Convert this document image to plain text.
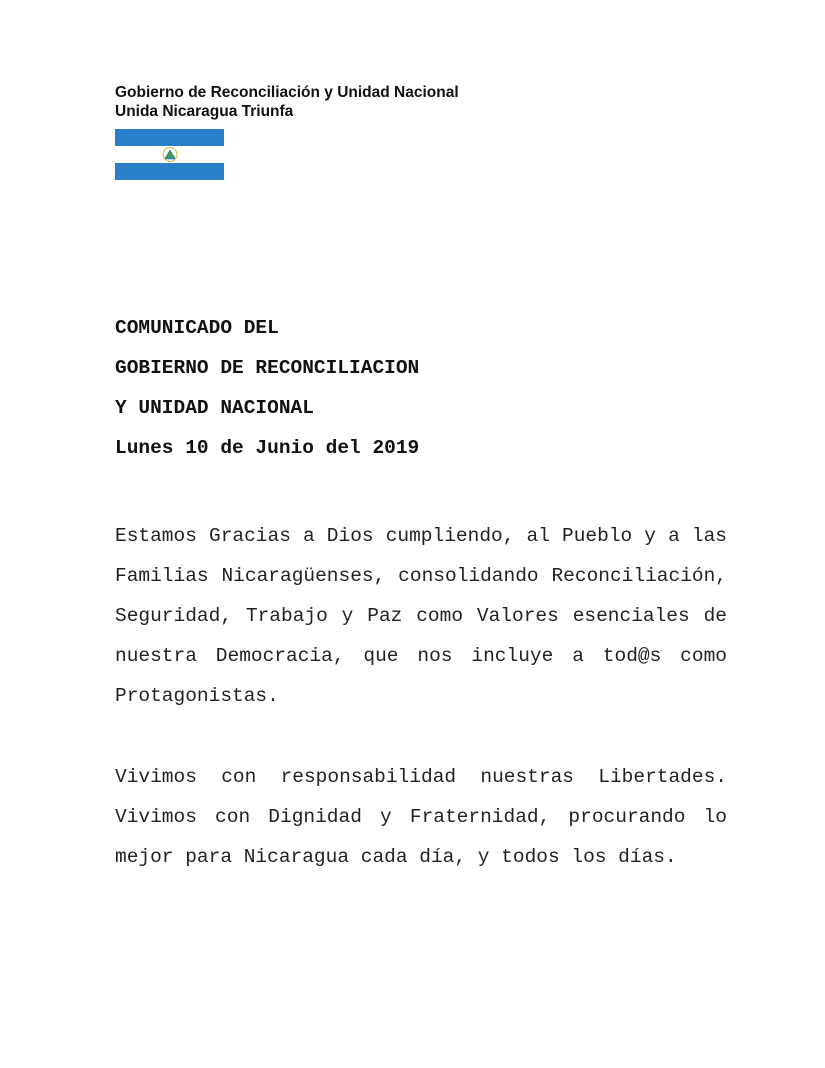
Gobierno de Reconciliación y Unidad Nacional
Unida Nicaragua Triunfa
COMUNICADO DEL
GOBIERNO DE RECONCILIACION
Y UNIDAD NACIONAL
Lunes 10 de Junio del 2019
Estamos Gracias a Dios cumpliendo, al Pueblo y a las Familias Nicaragüenses, consolidando Reconciliación, Seguridad, Trabajo y Paz como Valores esenciales de nuestra Democracia, que nos incluye a tod@s como Protagonistas.
Vivimos con responsabilidad nuestras Libertades. Vivimos con Dignidad y Fraternidad, procurando lo mejor para Nicaragua cada día, y todos los días.
